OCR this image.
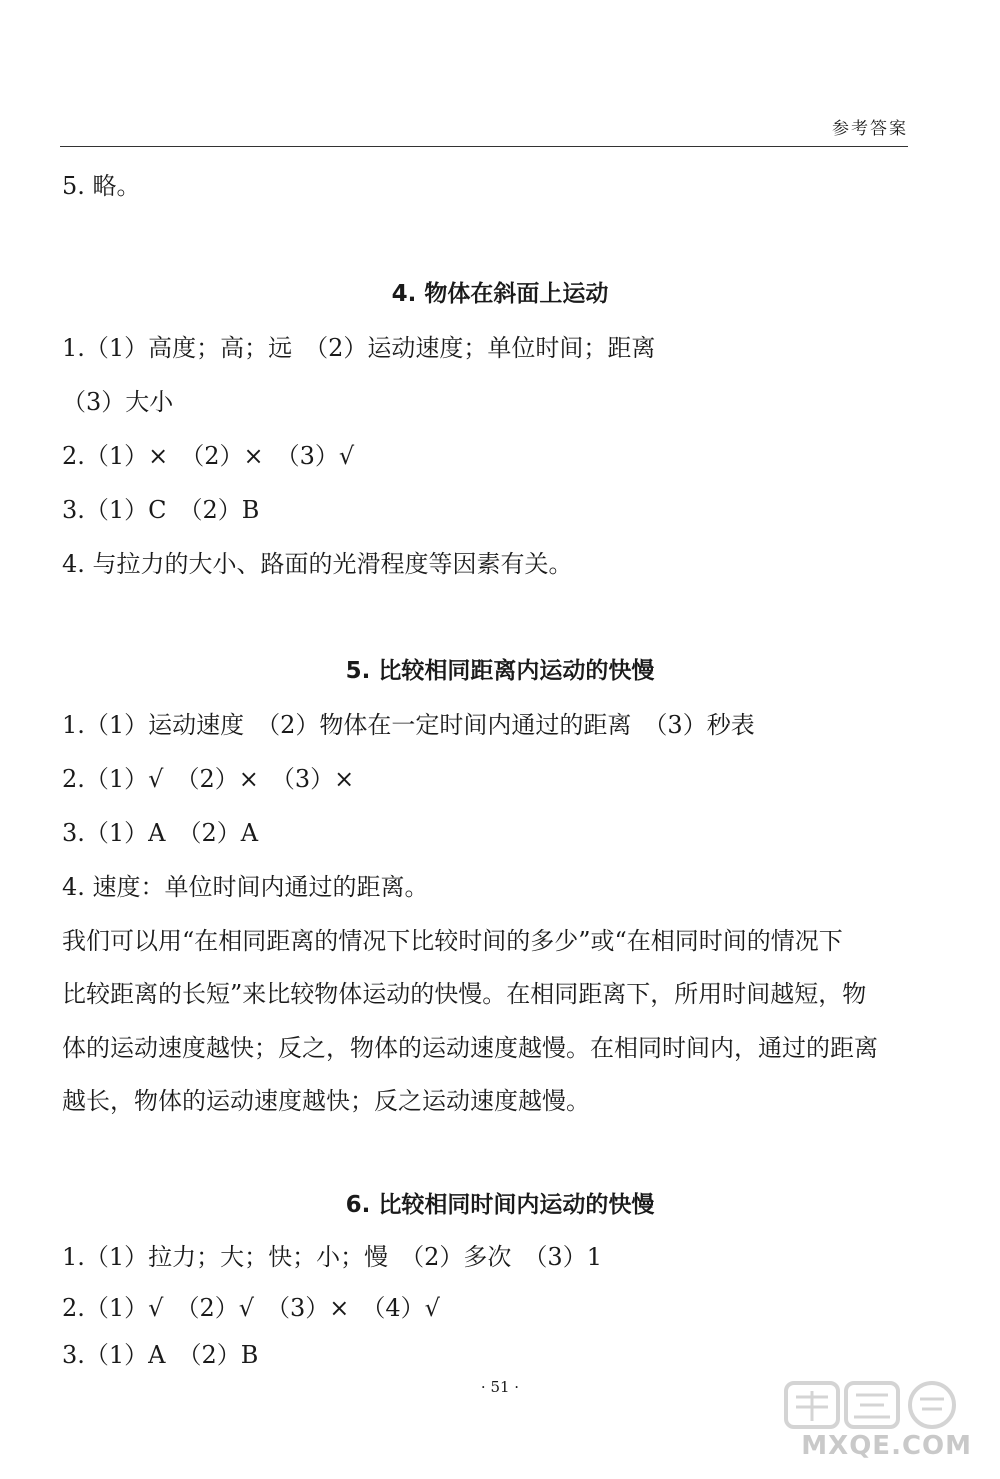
参考答案
5. 略。
4. 物体在斜面上运动
1.（1）高度；高；远　（2）运动速度；单位时间；距离
（3）大小
2.（1）×　（2）×　（3）√
3.（1）C　（2）B
4. 与拉力的大小、路面的光滑程度等因素有关。
5. 比较相同距离内运动的快慢
1.（1）运动速度　（2）物体在一定时间内通过的距离　（3）秒表
2.（1）√　（2）×　（3）×
3.（1）A　（2）A
4. 速度：单位时间内通过的距离。
我们可以用“在相同距离的情况下比较时间的多少”或“在相同时间的情况下
比较距离的长短”来比较物体运动的快慢。在相同距离下，所用时间越短，物
体的运动速度越快；反之，物体的运动速度越慢。在相同时间内，通过的距离
越长，物体的运动速度越快；反之运动速度越慢。
6. 比较相同时间内运动的快慢
1.（1）拉力；大；快；小；慢　（2）多次　（3）1
2.（1）√　（2）√　（3）×　（4）√
3.（1）A　（2）B
· 51 ·
MXQE.COM
